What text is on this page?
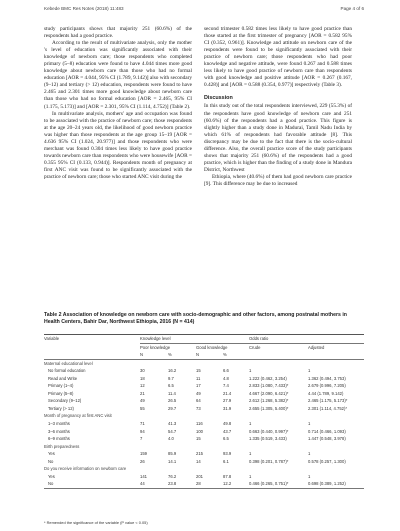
Kebede BMC Res Notes (2018) 11:483	Page 4 of 6

study participants shows that majority 251 (60.6%) of the respondents had a good practice.

According to the result of multivariate analysis, only the mother 's level of education was significantly associated with their knowledge of newborn care; those respondents who completed primary (5–8) education were found to have 4.044 times more good knowledge about newborn care than those who had no formal education [AOR = 4.044, 95% CI (1.789, 9.142)] also with secondary (9–12) and tertiary (> 12) education, respondents were found to have 2.465 and 2.301 times more good knowledge about newborn care than those who had no formal education [AOR = 2.465, 95% CI (1.175, 5.173)] and [AOR = 2.301, 95% CI (1.114, 4.752)] (Table 2).

In multivariate analysis, mothers' age and occupation was found to be associated with the practice of newborn care; those respondents at the age 20–24 years old, the likelihood of good newborn practice was higher than those respondents at the age group 15–19 [AOR = 4.636 95% CI (1.024, 20.977)] and those respondents who were merchant was found 0.304 times less likely to have good practice towards newborn care than respondents who were housewife [AOR = 0.355 95% CI (0.133, 0.944)]. Respondents month of pregnancy at first ANC visit was found to be significantly associated with the practice of newborn care; those who started ANC visit during the

second trimester 0.582 times less likely to have good practice than those started at the first trimester of pregnancy [AOR = 0.582 95% CI (0.352, 0.961)]. Knowledge and attitude on newborn care of the respondents were found to be significantly associated with their practice of newborn care; those respondents who had poor knowledge and negative attitude, were found 0.267 and 0.588 times less likely to have good practice of newborn care than respondents with good knowledge and positive attitude [AOR = 0.267 (0.167, 0.428)] and [AOR = 0.588 (0.354, 0.977)] respectively (Table 3).

Discussion

In this study out of the total respondents interviewed, 229 (55.3%) of the respondents have good knowledge of newborn care and 251 (60.6%) of the respondents had a good practice. This figure is slightly higher than a study done in Madurai, Tamil Nadu India by which 61% of respondents had favorable attitude [8]. This discrepancy may be due to the fact that there is the socio-cultural difference. Also, the overall practice score of the study participants shows that majority 251 (60.6%) of the respondents had a good practice, which is higher than the finding of a study done in Mandura District, Northwest

Ethiopia, where (40.6%) of them had good newborn care practice [9]. This difference may be due to increased

Table 2 Association of knowledge on newborn care with socio-demographic and other factors, among postnatal mothers in Health Centers, Bahir Dar, Northwest Ethiopia, 2016 (N = 414)
Variable	Knowledge level				Odds ratio	
	Poor knowledge		Good knowledge		Crude	Adjusted
	N	%	N	%		
Maternal educational level						
No formal education	30	16.2	15	6.6	1	1
Read and Write	18	9.7	11	4.8	1.222 (0.462, 3.254)	1.362 (0.494, 3.753)
Primary (1–4)	12	6.5	17	7.4	2.833 (1.080, 7.433)*	2.679 (0.996, 7.205)
Primary (5–8)	21	11.4	49	21.4	4.667 (2.090, 6.421)*	4.44 (1.789, 9.142)
Secondary (9–12)	49	26.5	64	27.9	2.612 (1.268, 5.382)*	2.465 (1.175, 5.173)*
Tertiary (> 12)	55	29.7	73	31.9	2.655 (1.305, 5.400)*	2.301 (1.114, 4.752)*
Month of pregnancy at first ANC visit						
1–3 months	71	41.3	116	49.8	1	1
3–6 months	94	54.7	100	43.7	0.663 (0.440, 0.997)*	0.714 (0.466, 1.093)
6–9 months	7	4.0	15	6.5	1.335 (0.519, 3.433)	1.447 (0.548, 3.978)
Birth preparedness						
Yes	159	85.9	215	93.9	1	1
No	26	14.1	14	6.1	0.398 (0.201, 0.787)*	0.578 (0.257, 1.300)
Do you receive information on newborn care						
Yes	141	76.2	201	87.8	1	1
No	44	23.8	28	12.2	0.466 (0.265, 0.751)*	0.698 (0.389, 1.252)
* Remended the significance of the variable (P value < 0.05)
